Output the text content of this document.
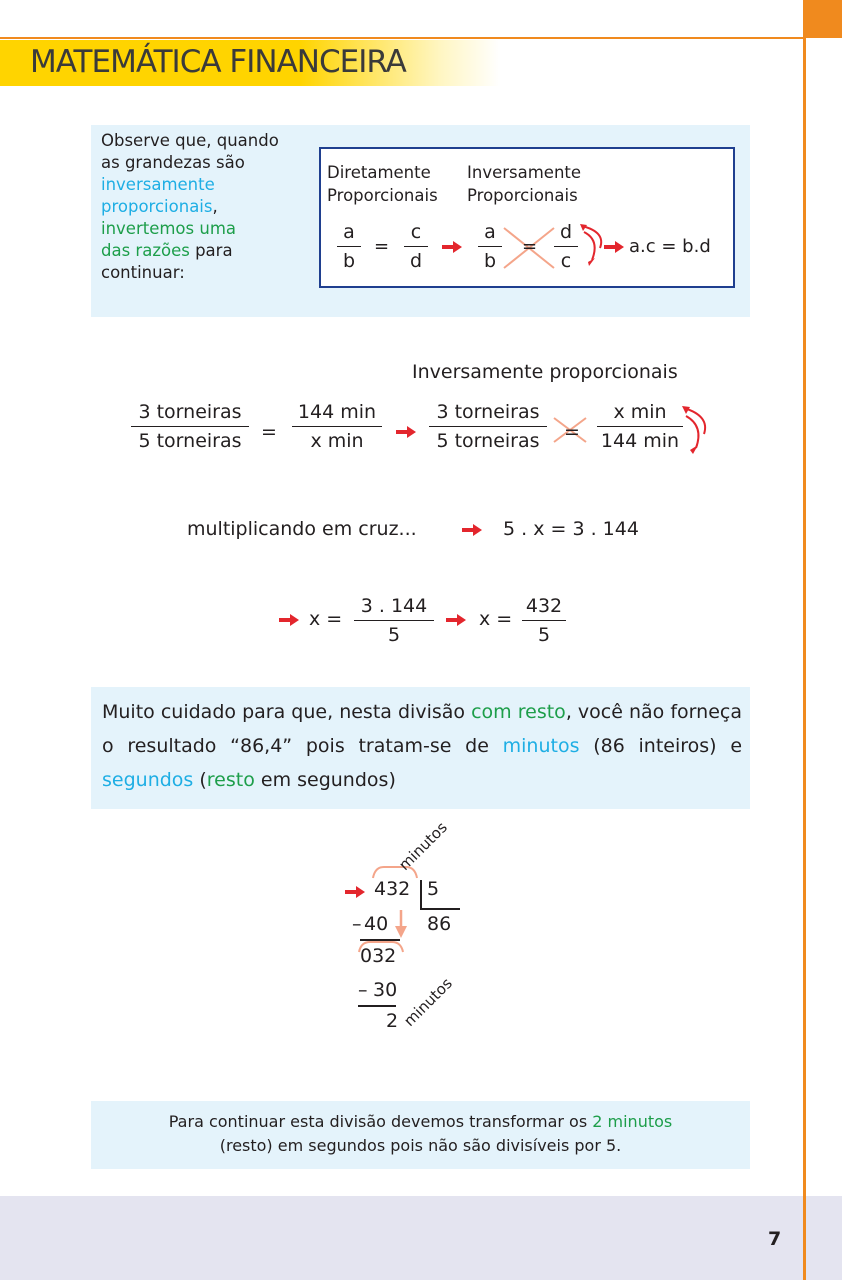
MATEMÁTICA FINANCEIRA
Observe que, quando
as grandezas são
inversamente
proporcionais,
invertemos uma
das razões para
continuar:
Diretamente
Proporcionais
Inversamente
Proporcionais
$\frac{a}{b} = \frac{c}{d}$	$\frac{a}{b} = \frac{d}{c}$	a.c = b.d
Inversamente proporcionais
3 torneiras
5 torneiras	=
144 min
x min
3 torneiras
5 torneiras	=
x min
144 min
multiplicando em cruz...	5 . x = 3 . 144
$x = \frac{3 . 144}{5}$ $x = \frac{432}{5}$
Muito cuidado para que, nesta divisão com resto, você não forneça o resultado “86,4” pois tratam-se de minutos (86 inteiros) e segundos (resto em segundos)
432 5
86
minutos
– 40
032
– 30
2 minutos
Para continuar esta divisão devemos transformar os 2 minutos
(resto) em segundos pois não são divisíveis por 5.
7
